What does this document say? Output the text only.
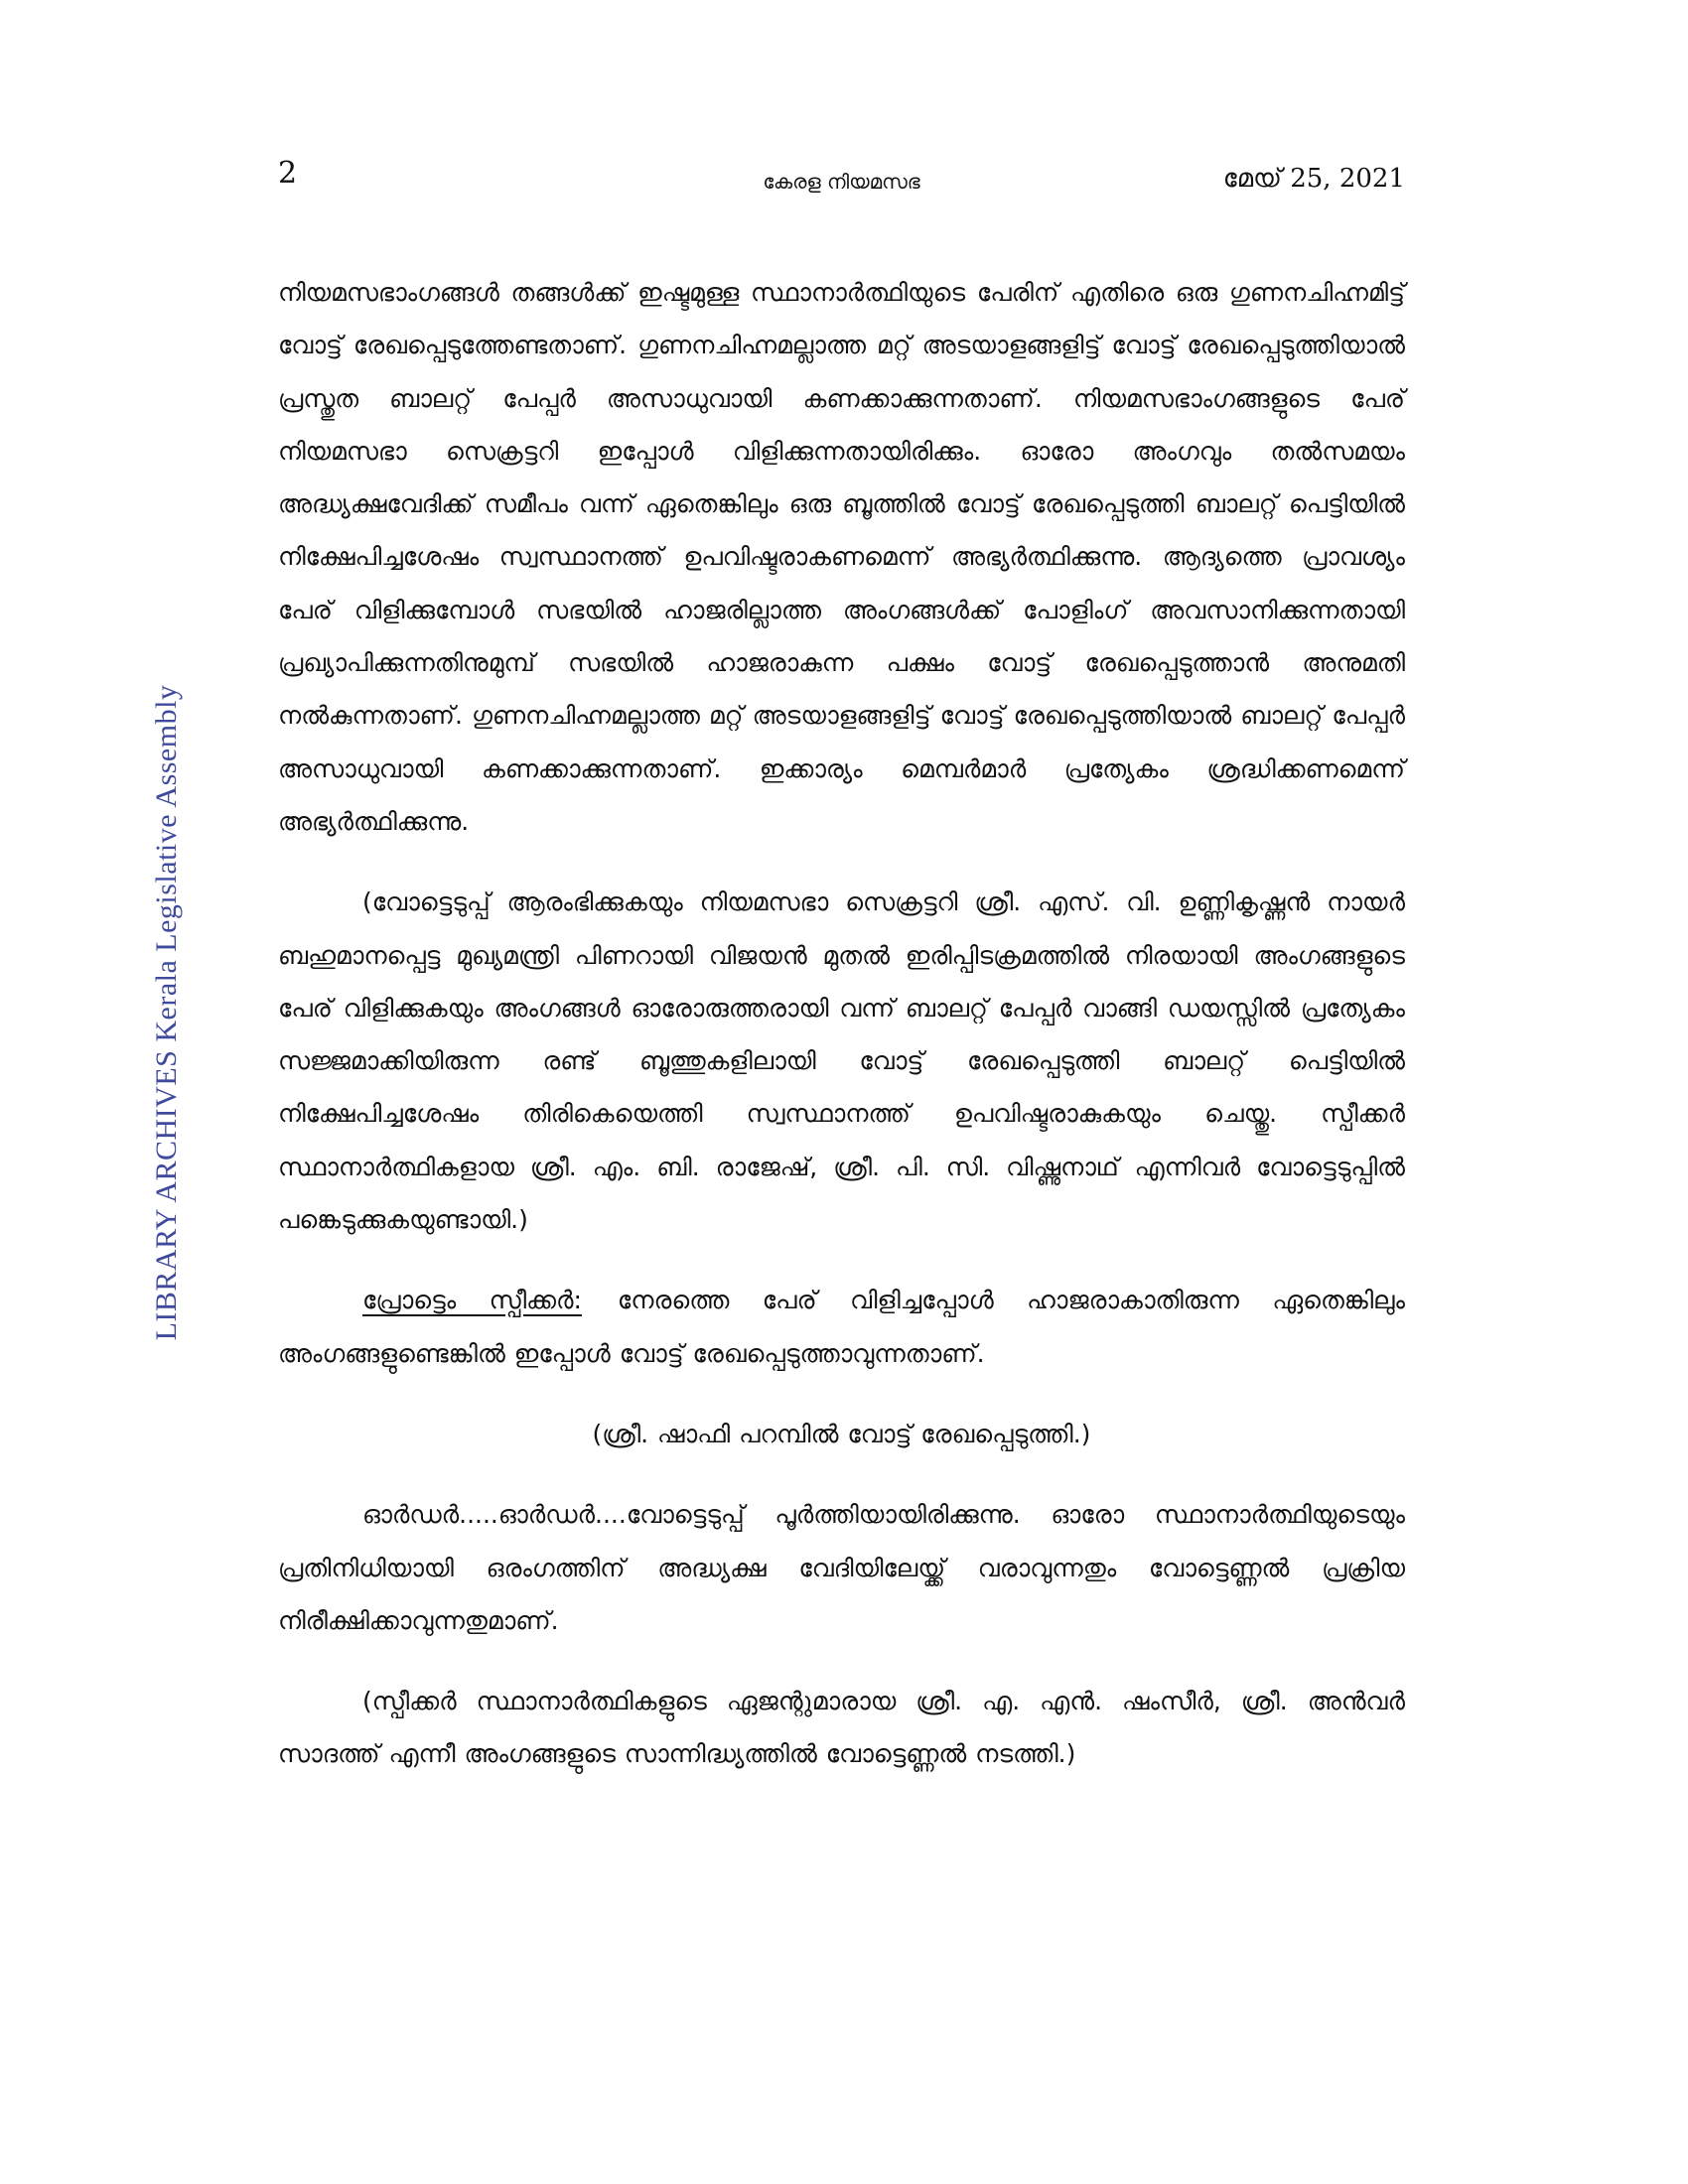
2	കേരള നിയമസഭ	മേയ് 25, 2021
LIBRARY ARCHIVES Kerala Legislative Assembly

നിയമസഭാംഗങ്ങൾ തങ്ങൾക്ക് ഇഷ്ടമുള്ള സ്ഥാനാർത്ഥിയുടെ പേരിന് എതിരെ ഒരു ഗുണനചിഹ്നമിട്ട് വോട്ട് രേഖപ്പെടുത്തേണ്ടതാണ്. ഗുണനചിഹ്നമല്ലാത്ത മറ്റ് അടയാളങ്ങളിട്ട് വോട്ട് രേഖപ്പെടുത്തിയാൽ പ്രസ്തുത ബാലറ്റ് പേപ്പർ അസാധുവായി കണക്കാക്കുന്നതാണ്. നിയമസഭാംഗങ്ങളുടെ പേര് നിയമസഭാ സെക്രട്ടറി ഇപ്പോൾ വിളിക്കുന്നതായിരിക്കും. ഓരോ അംഗവും തൽസമയം അദ്ധ്യക്ഷവേദിക്ക് സമീപം വന്ന് ഏതെങ്കിലും ഒരു ബൂത്തിൽ വോട്ട് രേഖപ്പെടുത്തി ബാലറ്റ് പെട്ടിയിൽ നിക്ഷേപിച്ചശേഷം സ്വസ്ഥാനത്ത് ഉപവിഷ്ടരാകണമെന്ന് അഭ്യർത്ഥിക്കുന്നു. ആദ്യത്തെ പ്രാവശ്യം പേര് വിളിക്കുമ്പോൾ സഭയിൽ ഹാജരില്ലാത്ത അംഗങ്ങൾക്ക് പോളിംഗ് അവസാനിക്കുന്നതായി പ്രഖ്യാപിക്കുന്നതിനുമുമ്പ് സഭയിൽ ഹാജരാകുന്ന പക്ഷം വോട്ട് രേഖപ്പെടുത്താൻ അനുമതി നൽകുന്നതാണ്. ഗുണനചിഹ്നമല്ലാത്ത മറ്റ് അടയാളങ്ങളിട്ട് വോട്ട് രേഖപ്പെടുത്തിയാൽ ബാലറ്റ് പേപ്പർ അസാധുവായി കണക്കാക്കുന്നതാണ്. ഇക്കാര്യം മെമ്പർമാർ പ്രത്യേകം ശ്രദ്ധിക്കണമെന്ന് അഭ്യർത്ഥിക്കുന്നു.

(വോട്ടെടുപ്പ് ആരംഭിക്കുകയും നിയമസഭാ സെക്രട്ടറി ശ്രീ. എസ്. വി. ഉണ്ണികൃഷ്ണൻ നായർ ബഹുമാനപ്പെട്ട മുഖ്യമന്ത്രി പിണറായി വിജയൻ മുതൽ ഇരിപ്പിടക്രമത്തിൽ നിരയായി അംഗങ്ങളുടെ പേര് വിളിക്കുകയും അംഗങ്ങൾ ഓരോരുത്തരായി വന്ന് ബാലറ്റ് പേപ്പർ വാങ്ങി ഡയസ്സിൽ പ്രത്യേകം സജ്ജമാക്കിയിരുന്ന രണ്ട് ബൂത്തുകളിലായി വോട്ട് രേഖപ്പെടുത്തി ബാലറ്റ് പെട്ടിയിൽ നിക്ഷേപിച്ചശേഷം തിരികെയെത്തി സ്വസ്ഥാനത്ത് ഉപവിഷ്ടരാകുകയും ചെയ്തു. സ്പീക്കർ സ്ഥാനാർത്ഥികളായ ശ്രീ. എം. ബി. രാജേഷ്, ശ്രീ. പി. സി. വിഷ്ണുനാഥ് എന്നിവർ വോട്ടെടുപ്പിൽ പങ്കെടുക്കുകയുണ്ടായി.)

പ്രോട്ടെം സ്പീക്കർ: നേരത്തെ പേര് വിളിച്ചപ്പോൾ ഹാജരാകാതിരുന്ന ഏതെങ്കിലും അംഗങ്ങളുണ്ടെങ്കിൽ ഇപ്പോൾ വോട്ട് രേഖപ്പെടുത്താവുന്നതാണ്.

(ശ്രീ. ഷാഫി പറമ്പിൽ വോട്ട് രേഖപ്പെടുത്തി.)

ഓർഡർ.....ഓർഡർ....വോട്ടെടുപ്പ് പൂർത്തിയായിരിക്കുന്നു. ഓരോ സ്ഥാനാർത്ഥിയുടെയും പ്രതിനിധിയായി ഒരംഗത്തിന് അദ്ധ്യക്ഷ വേദിയിലേയ്ക്ക് വരാവുന്നതും വോട്ടെണ്ണൽ പ്രക്രിയ നിരീക്ഷിക്കാവുന്നതുമാണ്.

(സ്പീക്കർ സ്ഥാനാർത്ഥികളുടെ ഏജന്റുമാരായ ശ്രീ. എ. എൻ. ഷംസീർ, ശ്രീ. അൻവർ സാദത്ത് എന്നീ അംഗങ്ങളുടെ സാന്നിദ്ധ്യത്തിൽ വോട്ടെണ്ണൽ നടത്തി.)
